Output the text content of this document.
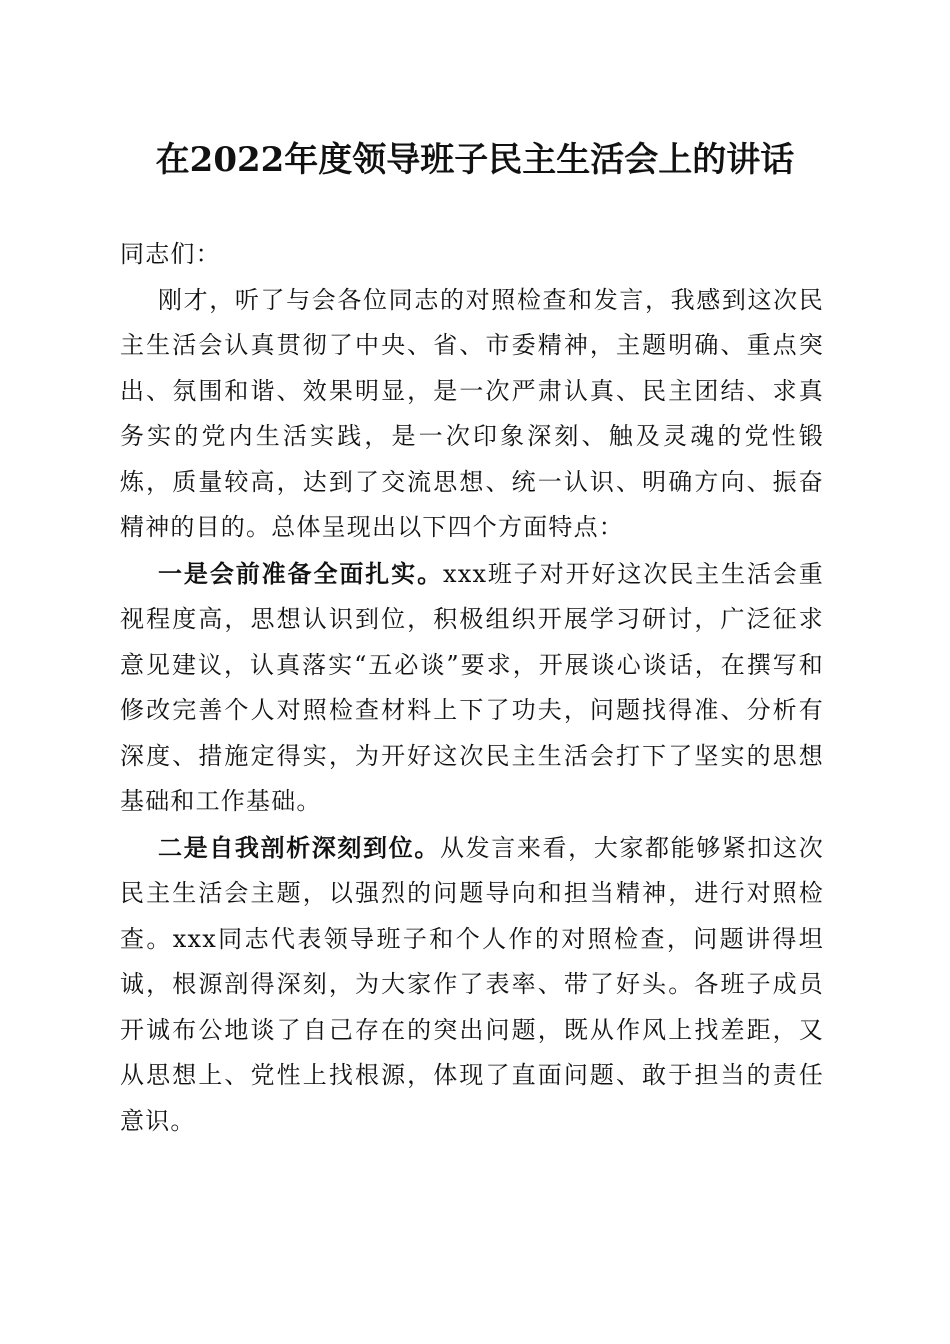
在2022年度领导班子民主生活会上的讲话

同志们：

刚才，听了与会各位同志的对照检查和发言，我感到这次民主生活会认真贯彻了中央、省、市委精神，主题明确、重点突出、氛围和谐、效果明显，是一次严肃认真、民主团结、求真务实的党内生活实践，是一次印象深刻、触及灵魂的党性锻炼，质量较高，达到了交流思想、统一认识、明确方向、振奋精神的目的。总体呈现出以下四个方面特点：

一是会前准备全面扎实。xxx班子对开好这次民主生活会重视程度高，思想认识到位，积极组织开展学习研讨，广泛征求意见建议，认真落实“五必谈”要求，开展谈心谈话，在撰写和修改完善个人对照检查材料上下了功夫，问题找得准、分析有深度、措施定得实，为开好这次民主生活会打下了坚实的思想基础和工作基础。

二是自我剖析深刻到位。从发言来看，大家都能够紧扣这次民主生活会主题，以强烈的问题导向和担当精神，进行对照检查。xxx同志代表领导班子和个人作的对照检查，问题讲得坦诚，根源剖得深刻，为大家作了表率、带了好头。各班子成员开诚布公地谈了自己存在的突出问题，既从作风上找差距，又从思想上、党性上找根源，体现了直面问题、敢于担当的责任意识。
